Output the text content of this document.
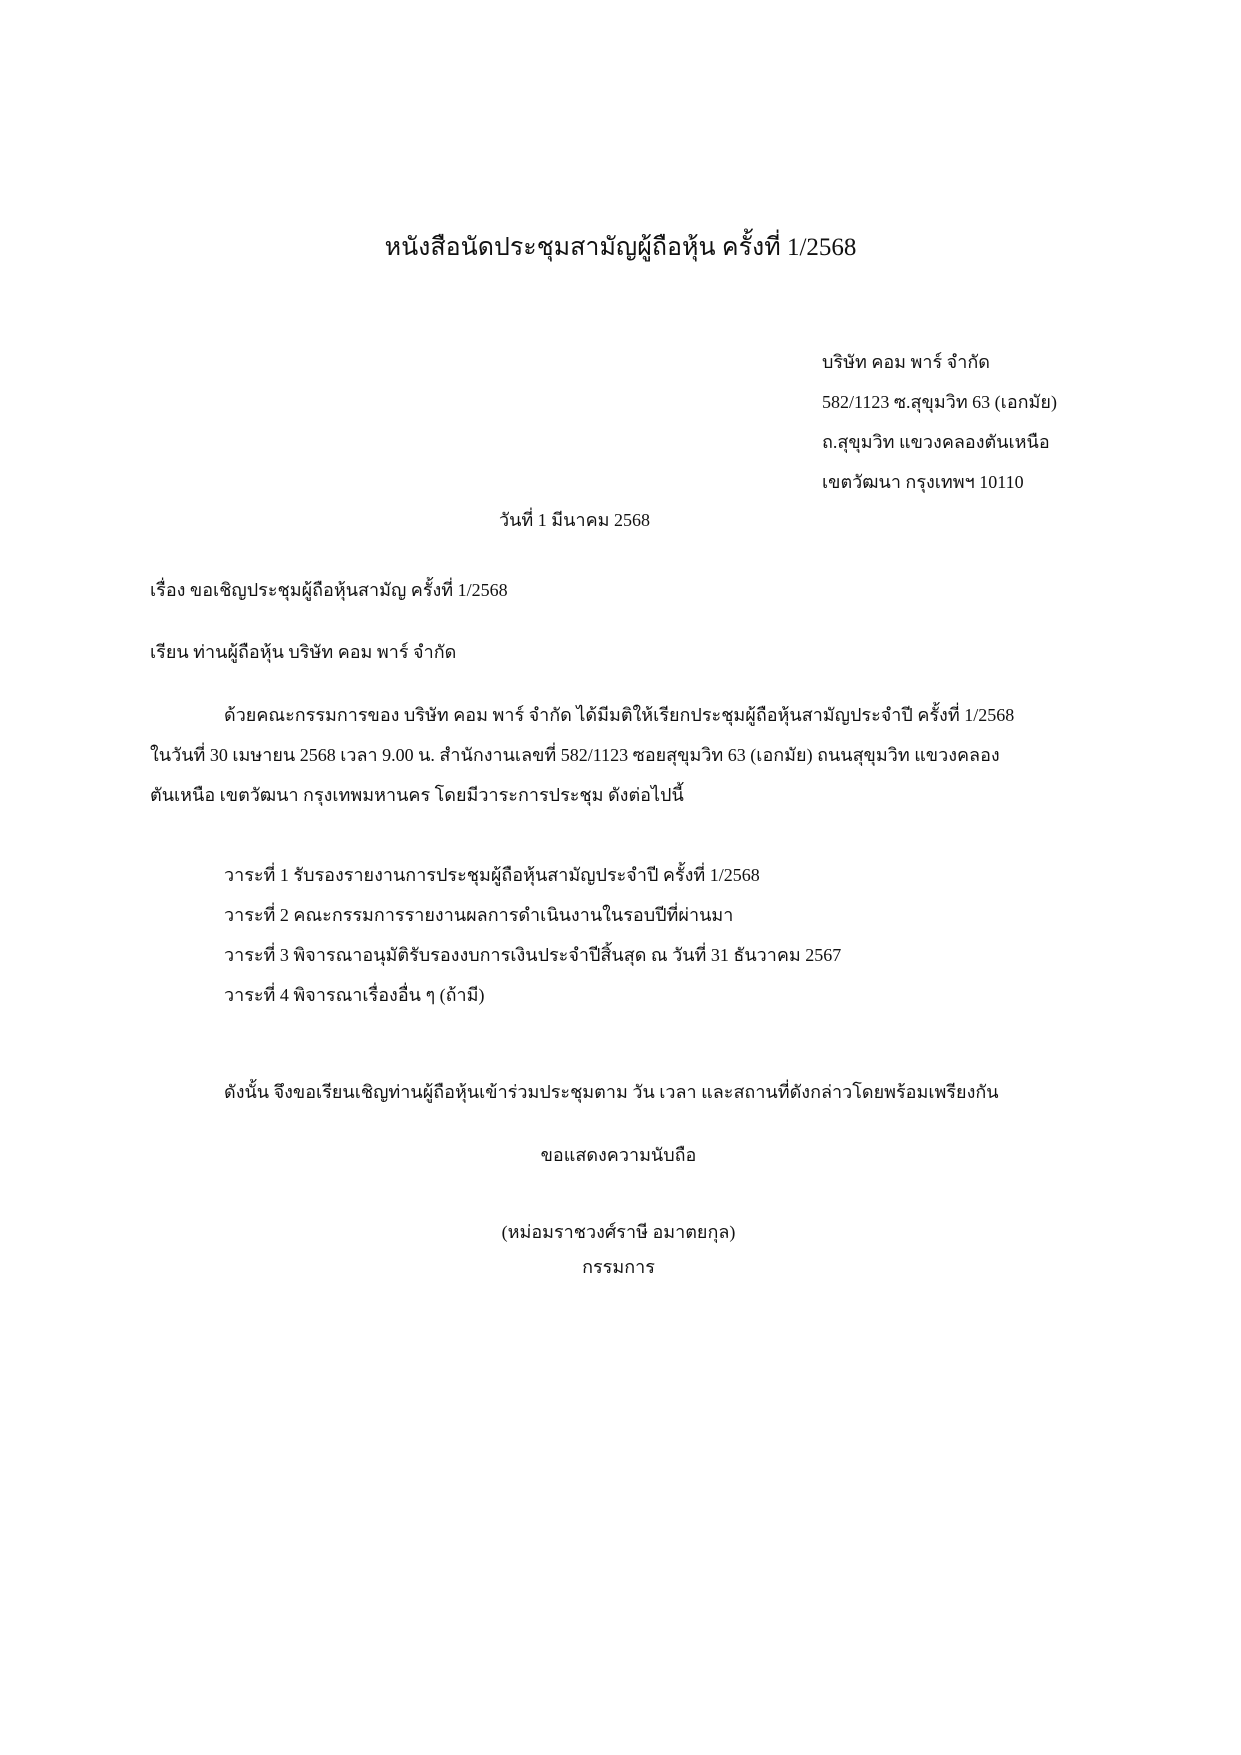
หนังสือนัดประชุมสามัญผู้ถือหุ้น ครั้งที่ 1/2568
บริษัท คอม พาร์ จำกัด
582/1123 ซ.สุขุมวิท 63 (เอกมัย)
ถ.สุขุมวิท แขวงคลองตันเหนือ
เขตวัฒนา กรุงเทพฯ 10110
วันที่ 1 มีนาคม 2568
เรื่อง ขอเชิญประชุมผู้ถือหุ้นสามัญ ครั้งที่ 1/2568
เรียน ท่านผู้ถือหุ้น บริษัท คอม พาร์ จำกัด
ด้วยคณะกรรมการของ บริษัท คอม พาร์ จำกัด ได้มีมติให้เรียกประชุมผู้ถือหุ้นสามัญประจำปี ครั้งที่ 1/2568
ในวันที่ 30 เมษายน 2568 เวลา 9.00 น. สำนักงานเลขที่ 582/1123 ซอยสุขุมวิท 63 (เอกมัย) ถนนสุขุมวิท แขวงคลอง
ตันเหนือ เขตวัฒนา กรุงเทพมหานคร โดยมีวาระการประชุม ดังต่อไปนี้
วาระที่ 1 รับรองรายงานการประชุมผู้ถือหุ้นสามัญประจำปี ครั้งที่ 1/2568
วาระที่ 2 คณะกรรมการรายงานผลการดำเนินงานในรอบปีที่ผ่านมา
วาระที่ 3 พิจารณาอนุมัติรับรองงบการเงินประจำปีสิ้นสุด ณ วันที่ 31 ธันวาคม 2567
วาระที่ 4 พิจารณาเรื่องอื่น ๆ (ถ้ามี)
ดังนั้น จึงขอเรียนเชิญท่านผู้ถือหุ้นเข้าร่วมประชุมตาม วัน เวลา และสถานที่ดังกล่าวโดยพร้อมเพรียงกัน
ขอแสดงความนับถือ
(หม่อมราชวงศ์ราษี อมาตยกุล)
กรรมการ
